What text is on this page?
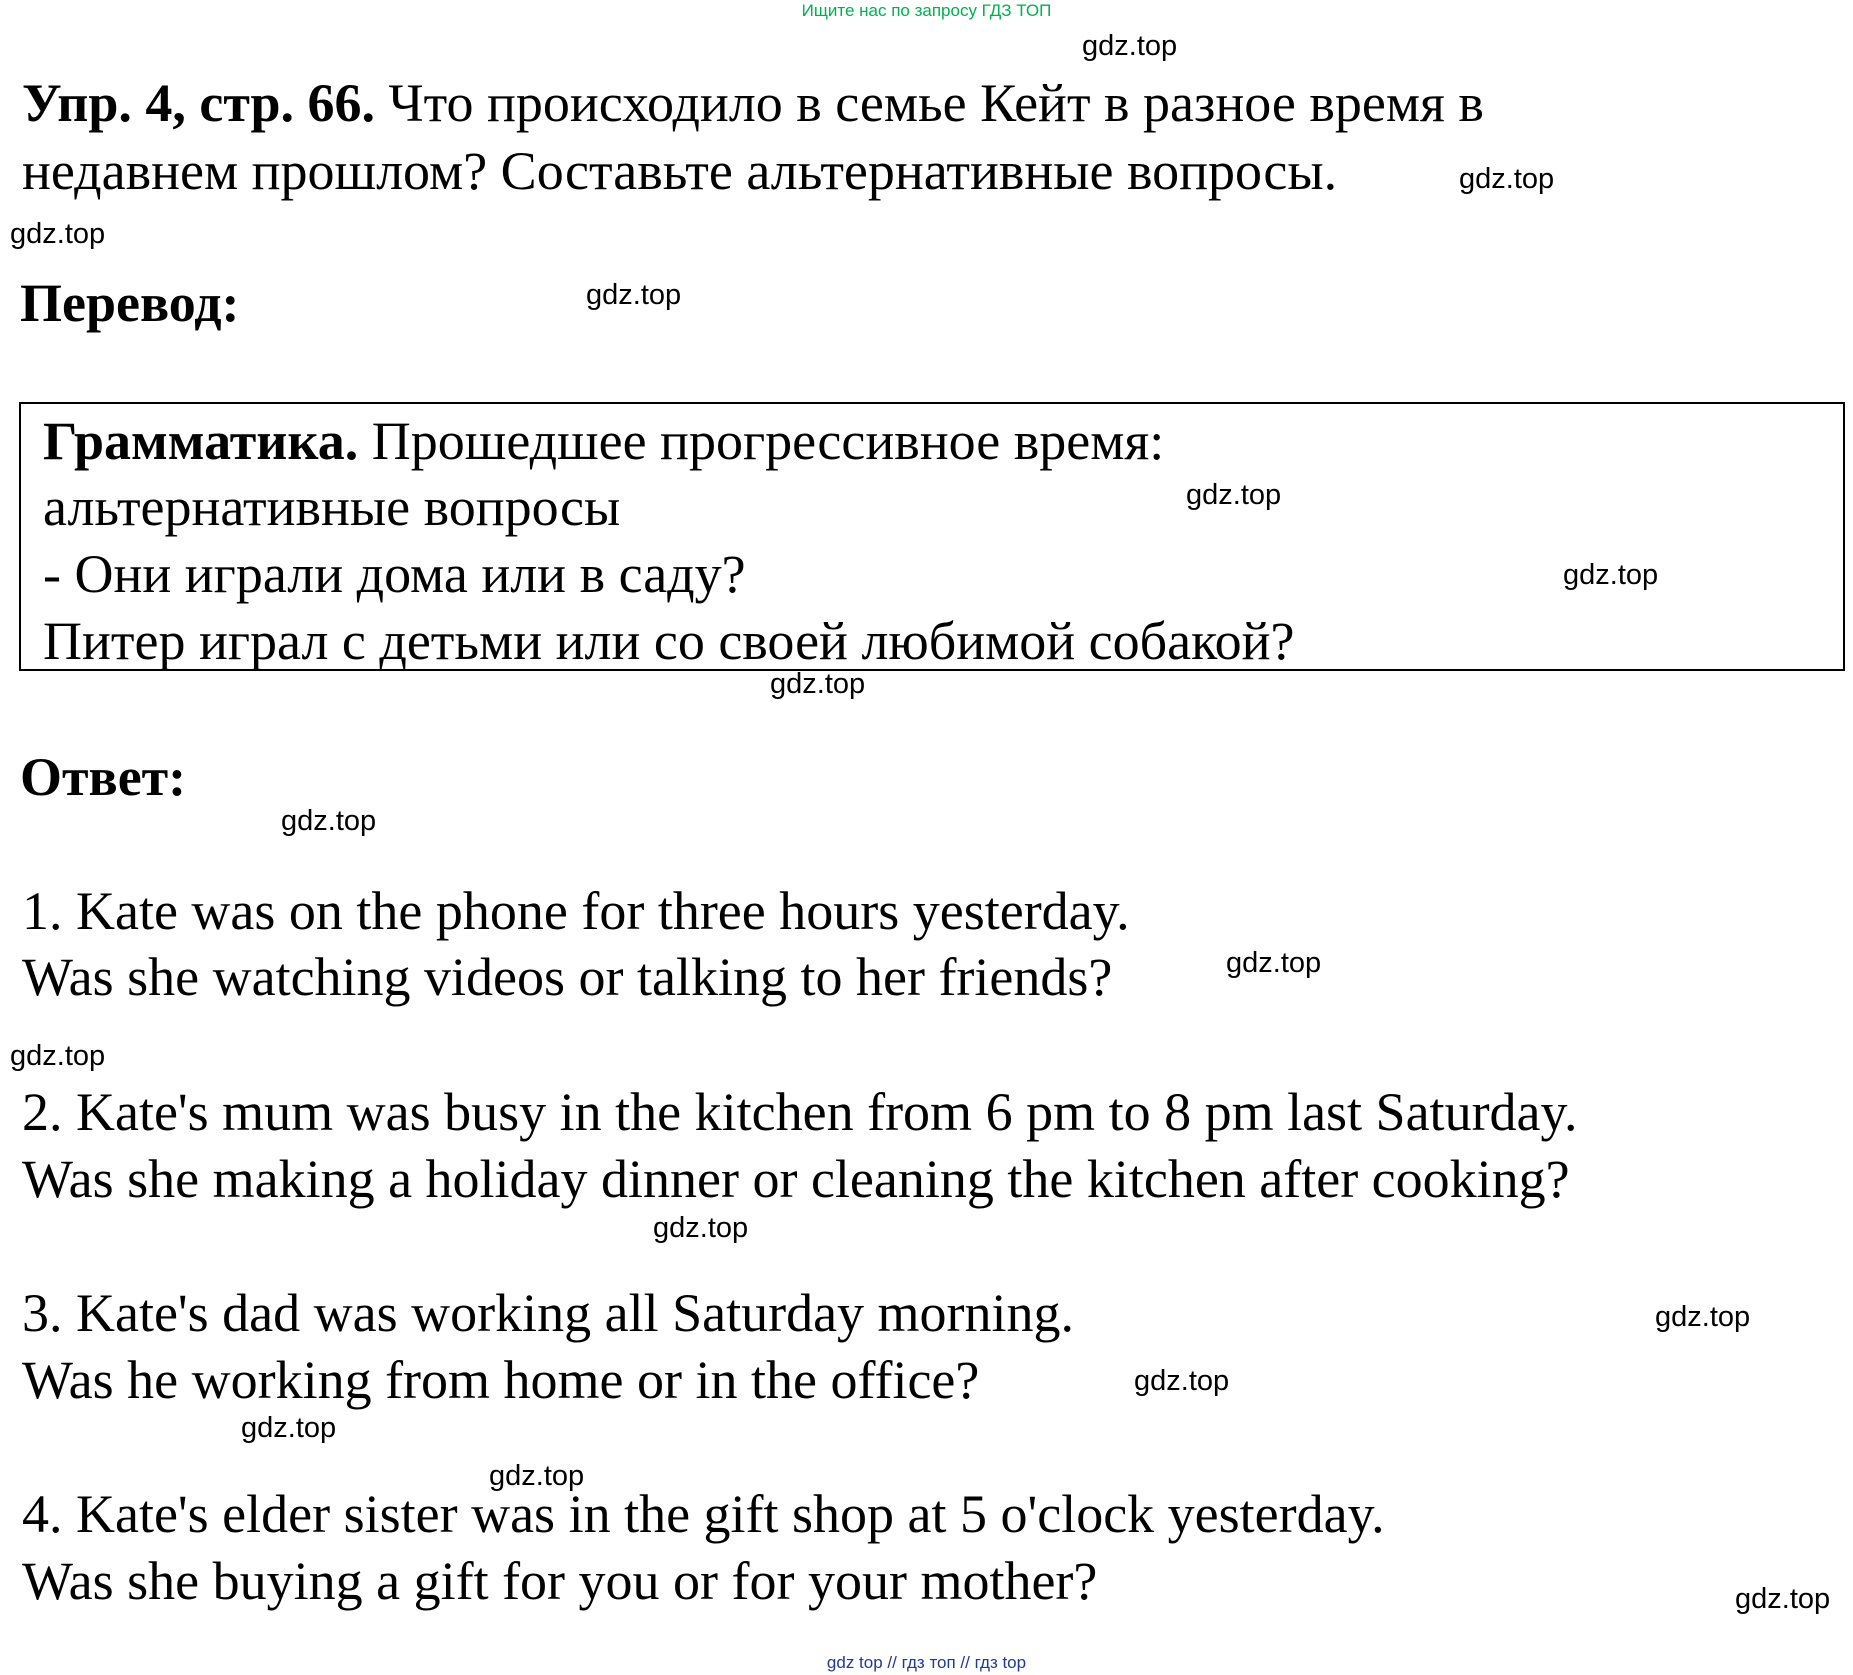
Ищите нас по запросу ГДЗ ТОП
Упр. 4, стр. 66. Что происходило в семье Кейт в разное время в
недавнем прошлом? Составьте альтернативные вопросы.
Перевод:
Грамматика. Прошедшее прогрессивное время:
альтернативные вопросы
- Они играли дома или в саду?
Питер играл с детьми или со своей любимой собакой?
Ответ:
1. Kate was on the phone for three hours yesterday.
Was she watching videos or talking to her friends?
2. Kate's mum was busy in the kitchen from 6 pm to 8 pm last Saturday.
Was she making a holiday dinner or cleaning the kitchen after cooking?
3. Kate's dad was working all Saturday morning.
Was he working from home or in the office?
4. Kate's elder sister was in the gift shop at 5 o'clock yesterday.
Was she buying a gift for you or for your mother?
gdz.top
gdz.top
gdz.top
gdz.top
gdz.top
gdz.top
gdz.top
gdz.top
gdz.top
gdz.top
gdz.top
gdz.top
gdz.top
gdz.top
gdz.top
gdz.top
gdz top // гдз топ // гдз top
